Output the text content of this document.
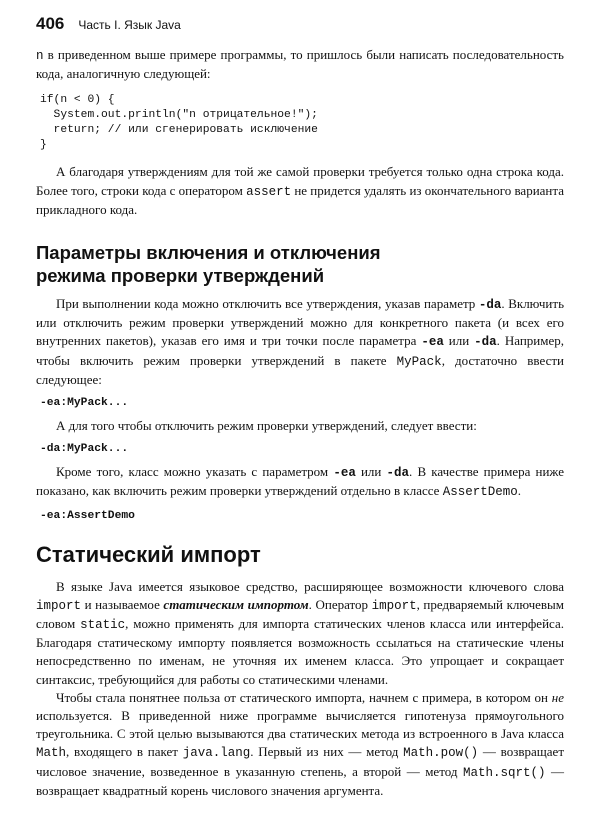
406 Часть I. Язык Java

n в приведенном выше примере программы, то пришлось были написать последовательность кода, аналогичную следующей:

if(n < 0) {
System.out.println("n отрицательное!");
return; // или сгенерировать исключение
}

А благодаря утверждениям для той же самой проверки требуется только одна строка кода. Более того, строки кода с оператором assert не придется удалять из окончательного варианта прикладного кода.

Параметры включения и отключения
режима проверки утверждений

При выполнении кода можно отключить все утверждения, указав параметр -da. Включить или отключить режим проверки утверждений можно для конкретного пакета (и всех его внутренних пакетов), указав его имя и три точки после параметра -ea или -da. Например, чтобы включить режим проверки утверждений в пакете MyPack, достаточно ввести следующее:

-ea:MyPack...

А для того чтобы отключить режим проверки утверждений, следует ввести:

-da:MyPack...

Кроме того, класс можно указать с параметром -ea или -da. В качестве примера ниже показано, как включить режим проверки утверждений отдельно в классе AssertDemo.

-ea:AssertDemo
Статический импорт

В языке Java имеется языковое средство, расширяющее возможности ключевого слова import и называемое статическим импортом. Оператор import, предваряемый ключевым словом static, можно применять для импорта статических членов класса или интерфейса. Благодаря статическому импорту появляется возможность ссылаться на статические члены непосредственно по именам, не уточняя их именем класса. Это упрощает и сокращает синтаксис, требующийся для работы со статическими членами.

Чтобы стала понятнее польза от статического импорта, начнем с примера, в котором он не используется. В приведенной ниже программе вычисляется гипотенуза прямоугольного треугольника. С этой целью вызываются два статических метода из встроенного в Java класса Math, входящего в пакет java.lang. Первый из них — метод Math.pow() — возвращает числовое значение, возведенное в указанную степень, а второй — метод Math.sqrt() — возвращает квадратный корень числового значения аргумента.
